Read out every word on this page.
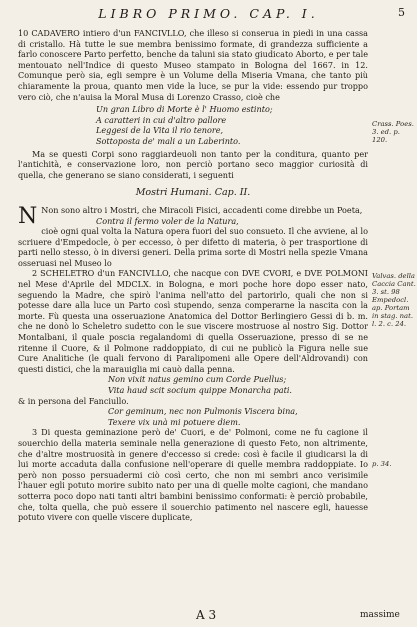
LIBRO PRIMO. CAP. I.	5

10 CADAVERO intiero d'un FANCIVLLO, che illeso si conserua in piedi in una cassa di cristallo. Hà tutte le sue membra benissimo formate, di grandezza sufficiente a farlo conoscere Parto perfetto, benche da taluni sia stato giudicato Aborto, e per tale mentouato nell'Indice di questo Museo stampato in Bologna del 1667. in 12. Comunque però sia, egli sempre è un Volume della Miseria Vmana, che tanto più chiaramente la proua, quanto men vide la luce, se pur la vide: essendo pur troppo vero ciò, che n'auisa la Moral Musa di Lorenzo Crasso, cioè che

Un gran Libro di Morte è l' Huomo estinto;

A caratteri in cui d'altro pallore

Leggesi de la Vita il rio tenore,

Sottoposta de' mali a un Laberinto.

Ma se questi Corpi sono raggiardeuoli non tanto per la conditura, quanto per l'antichità, e conservazione loro, non perciò portano seco maggior curiosità di quella, che generano se siano considerati, i seguenti

Mostri Humani. Cap. II.

N Non sono altro i Mostri, che Miracoli Fisici, accadenti come direbbe un Poeta,

Contra il fermo voler de la Natura,

cioè ogni qual volta la Natura opera fuori del suo consueto. Il che avviene, al lo scriuere d'Empedocle, ò per eccesso, ò per difetto di materia, ò per trasportione di parti nello stesso, ò in diversi generi. Della prima sorte di Mostri nella spezie Vmana osseruasi nel Museo lo

2 SCHELETRO d'un FANCIVLLO, che nacque con DVE CVORI, e DVE POLMONI nel Mese d'Aprile del MDCLX. in Bologna, e mori poche hore dopo esser nato, seguendo la Madre, che spirò l'anima nell'atto del partorirlo, quali che non si potesse dare alla luce un Parto così stupendo, senza comperarne la nascita con la morte. Fù questa una osseruazione Anatomica del Dottor Berlingiero Gessi di b. m. che ne donò lo Scheletro sudetto con le sue viscere mostruose al nostro Sig. Dottor Montalbani, il quale poscia regalandomi di quella Osseruazione, presso di se ne ritenne il Cuore, & il Polmone raddoppiato, di cui ne publicò la Figura nelle sue Cure Analitiche (le quali fervono di Paralipomeni alle Opere dell'Aldrovandi) con questi distici, che la marauiglia mi cauò dalla penna.

Non vixit natus gemino cum Corde Puellus;

Vita haud scit socium quippe Monarcha pati.

& in persona del Fanciullo.

Cor geminum, nec non Pulmonis Viscera bina,

Texere vix unà mi potuere diem.

3 Di questa geminazione però de' Cuori, e de' Polmoni, come ne fu cagione il souerchio della materia seminale nella generazione di questo Feto, non altrimente, che d'altre mostruosità in genere d'eccesso si crede: così è facile il giudicarsi la di lui morte accaduta dalla confusione nell'operare di quelle membra raddoppiate. Io però non posso persuadermi ciò così certo, che non mi sembri anco verisimile l'hauer egli potuto morire subito nato per una di quelle molte cagioni, che mandano sotterra poco dopo nati tanti altri bambini benissimo conformati: è perciò probabile, che, tolta quella, che può essere il souerchio patimento nel nascere egli, hauesse potuto vivere con quelle viscere duplicate,

Crass. Poes. 3. ed. p. 120.
Valvas. della Caccia Cant. 3. st. 98 Empedocl. ap. Portam in stag. nat. l. 2. c. 24.
p. 34.
A 3	massime
